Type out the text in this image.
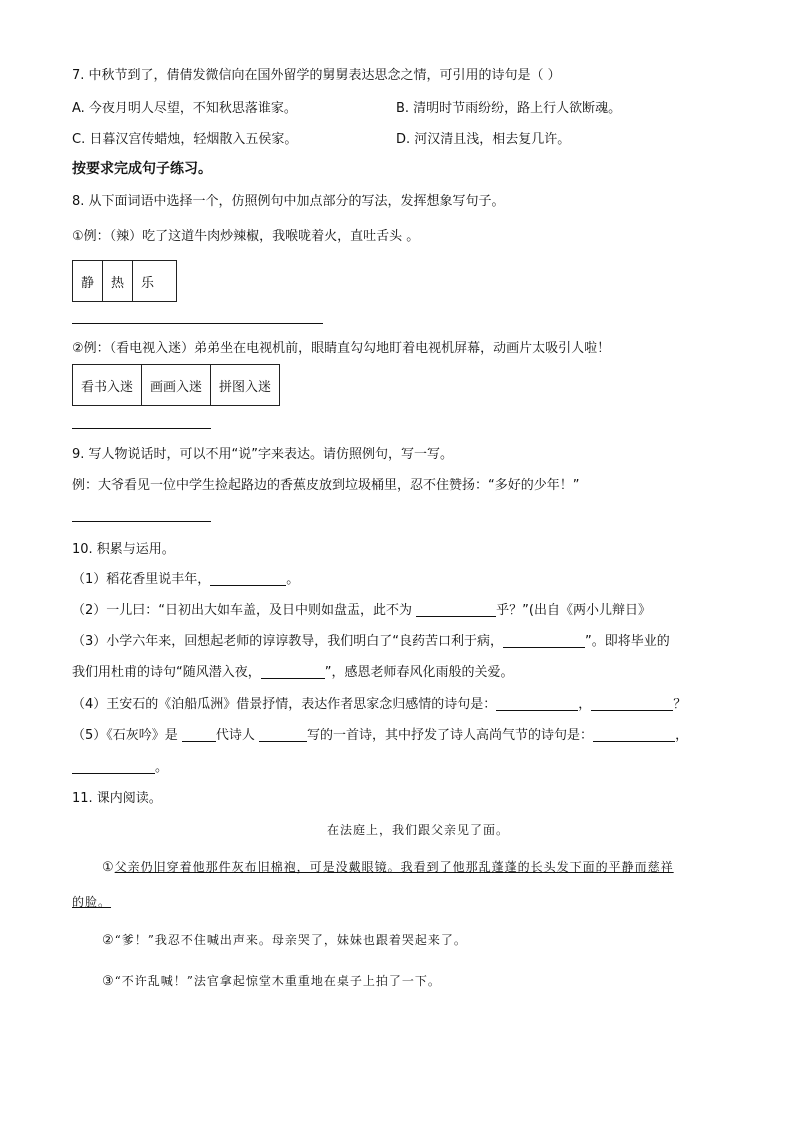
7. 中秋节到了，倩倩发微信向在国外留学的舅舅表达思念之情，可引用的诗句是（ ）
A. 今夜月明人尽望，不知秋思落谁家。	B. 清明时节雨纷纷，路上行人欲断魂。
C. 日暮汉宫传蜡烛，轻烟散入五侯家。	D. 河汉清且浅，相去复几许。
按要求完成句子练习。
8. 从下面词语中选择一个，仿照例句中加点部分的写法，发挥想象写句子。
①例：（辣）吃了这道牛肉炒辣椒，我喉咙着火，直吐舌头 。
静	热	乐
②例：（看电视入迷）弟弟坐在电视机前，眼睛直勾勾地盯着电视机屏幕，动画片太吸引人啦！
看书入迷	画画入迷	拼图入迷
9. 写人物说话时，可以不用“说”字来表达。请仿照例句，写一写。
例：大爷看见一位中学生捡起路边的香蕉皮放到垃圾桶里，忍不住赞扬：“多好的少年！”
10. 积累与运用。
（1）稻花香里说丰年，	。
（2）一儿曰：“日初出大如车盖，及日中则如盘盂，此不为	乎？”(出自《两小儿辩日》
（3）小学六年来，回想起老师的谆谆教导，我们明白了“良药苦口利于病，	”。即将毕业的
我们用杜甫的诗句“随风潜入夜，	”，感恩老师春风化雨般的关爱。
（4）王安石的《泊船瓜洲》借景抒情，表达作者思家念归感情的诗句是：	，	？
（5）《石灰吟》是	代诗人	写的一首诗，其中抒发了诗人高尚气节的诗句是：	，
。
11. 课内阅读。
在法庭上，我们跟父亲见了面。
①父亲仍旧穿着他那件灰布旧棉袍，可是没戴眼镜。我看到了他那乱蓬蓬的长头发下面的平静而慈祥
的脸。
②“爹！”我忍不住喊出声来。母亲哭了，妹妹也跟着哭起来了。
③“不许乱喊！”法官拿起惊堂木重重地在桌子上拍了一下。
